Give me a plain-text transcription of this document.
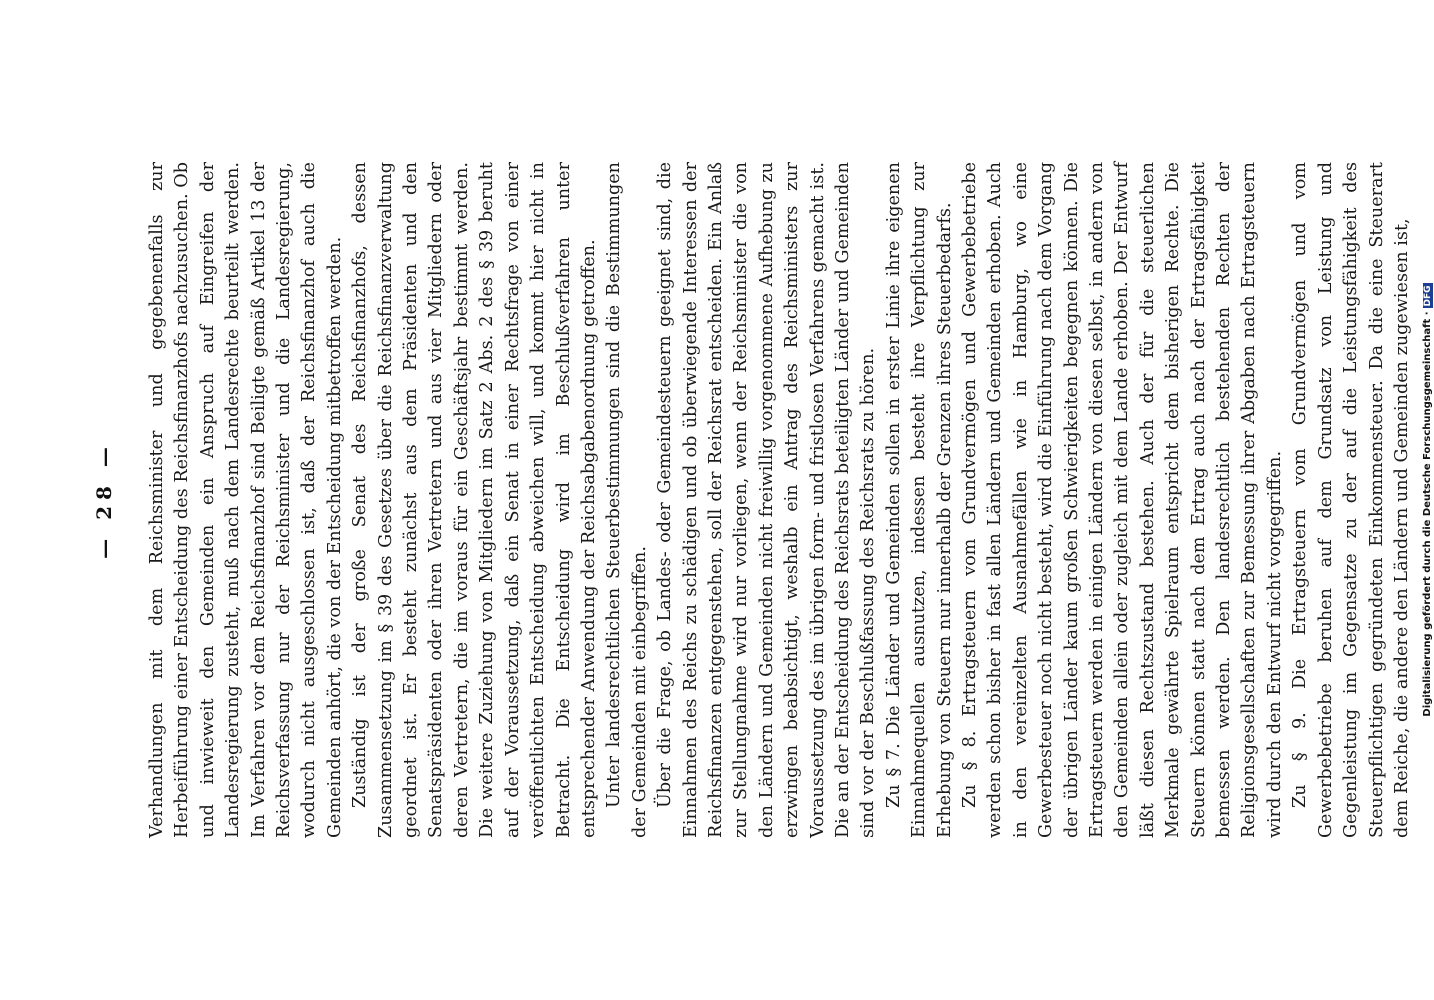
— 28 — Verhandlungen mit dem Reichsminister und gegebenenfalls zur Herbeiführung einer Entscheidung des Reichsfinanzhofs nachzusuchen. Ob und inwieweit den Gemeinden ein Anspruch auf Eingreifen der Landesregierung zusteht, muß nach dem Landesrechte beurteilt werden. Im Verfahren vor dem Reichsfinanzhof sind Beiligte gemäß Artikel 13 der Reichsverfassung nur der Reichsminister und die Landesregierung, wodurch nicht ausgeschlossen ist, daß der Reichsfinanzhof auch die Gemeinden anhört, die von der Entscheidung mitbetroffen werden. Zuständig ist der große Senat des Reichsfinanzhofs, dessen Zusammensetzung im § 39 des Gesetzes über die Reichsfinanzverwaltung geordnet ist. Er besteht zunächst aus dem Präsidenten und den Senatspräsidenten oder ihren Vertretern und aus vier Mitgliedern oder deren Vertretern, die im voraus für ein Geschäftsjahr bestimmt werden. Die weitere Zuziehung von Mitgliedern im Satz 2 Abs. 2 des § 39 beruht auf der Voraussetzung, daß ein Senat in einer Rechtsfrage von einer veröffentlichten Entscheidung abweichen will, und kommt hier nicht in Betracht. Die Entscheidung wird im Beschlußverfahren unter entsprechender Anwendung der Reichsabgabenordnung getroffen. Unter landesrechtlichen Steuerbestimmungen sind die Bestimmungen der Gemeinden mit einbegriffen. Über die Frage, ob Landes- oder Gemeindesteuern geeignet sind, die Einnahmen des Reichs zu schädigen und ob überwiegende Interessen der Reichsfinanzen entgegenstehen, soll der Reichsrat entscheiden. Ein Anlaß zur Stellungnahme wird nur vorliegen, wenn der Reichsminister die von den Ländern und Gemeinden nicht freiwillig vorgenommene Aufhebung zu erzwingen beabsichtigt, weshalb ein Antrag des Reichsministers zur Voraussetzung des im übrigen form- und fristlosen Verfahrens gemacht ist. Die an der Entscheidung des Reichsrats beteiligten Länder und Gemeinden sind vor der Beschlußfassung des Reichsrats zu hören. Zu § 7. Die Länder und Gemeinden sollen in erster Linie ihre eigenen Einnahmequellen ausnutzen, indessen besteht ihre Verpflichtung zur Erhebung von Steuern nur innerhalb der Grenzen ihres Steuerbedarfs. Zu § 8. Ertragsteuern vom Grundvermögen und Gewerbebetriebe werden schon bisher in fast allen Ländern und Gemeinden erhoben. Auch in den vereinzelten Ausnahmefällen wie in Hamburg, wo eine Gewerbesteuer noch nicht besteht, wird die Einführung nach dem Vorgang der übrigen Länder kaum großen Schwierigkeiten begegnen können. Die Ertragsteuern werden in einigen Ländern von diesen selbst, in andern von den Gemeinden allein oder zugleich mit dem Lande erhoben. Der Entwurf läßt diesen Rechtszustand bestehen. Auch der für die steuerlichen Merkmale gewährte Spielraum entspricht dem bisherigen Rechte. Die Steuern können statt nach dem Ertrag auch nach der Ertragsfähigkeit bemessen werden. Den landesrechtlich bestehenden Rechten der Religionsgesellschaften zur Bemessung ihrer Abgaben nach Ertragsteuern wird durch den Entwurf nicht vorgegriffen. Zu § 9. Die Ertragsteuern vom Grundvermögen und vom Gewerbebetriebe beruhen auf dem Grundsatz von Leistung und Gegenleistung im Gegensatze zu der auf die Leistungsfähigkeit des Steuerpflichtigen gegründeten Einkommensteuer. Da die eine Steuerart dem Reiche, die andere den Ländern und Gemeinden zugewiesen ist,	Digitalisierung gefördert durch die Deutsche Forschungsgemeinschaft ·DFG
